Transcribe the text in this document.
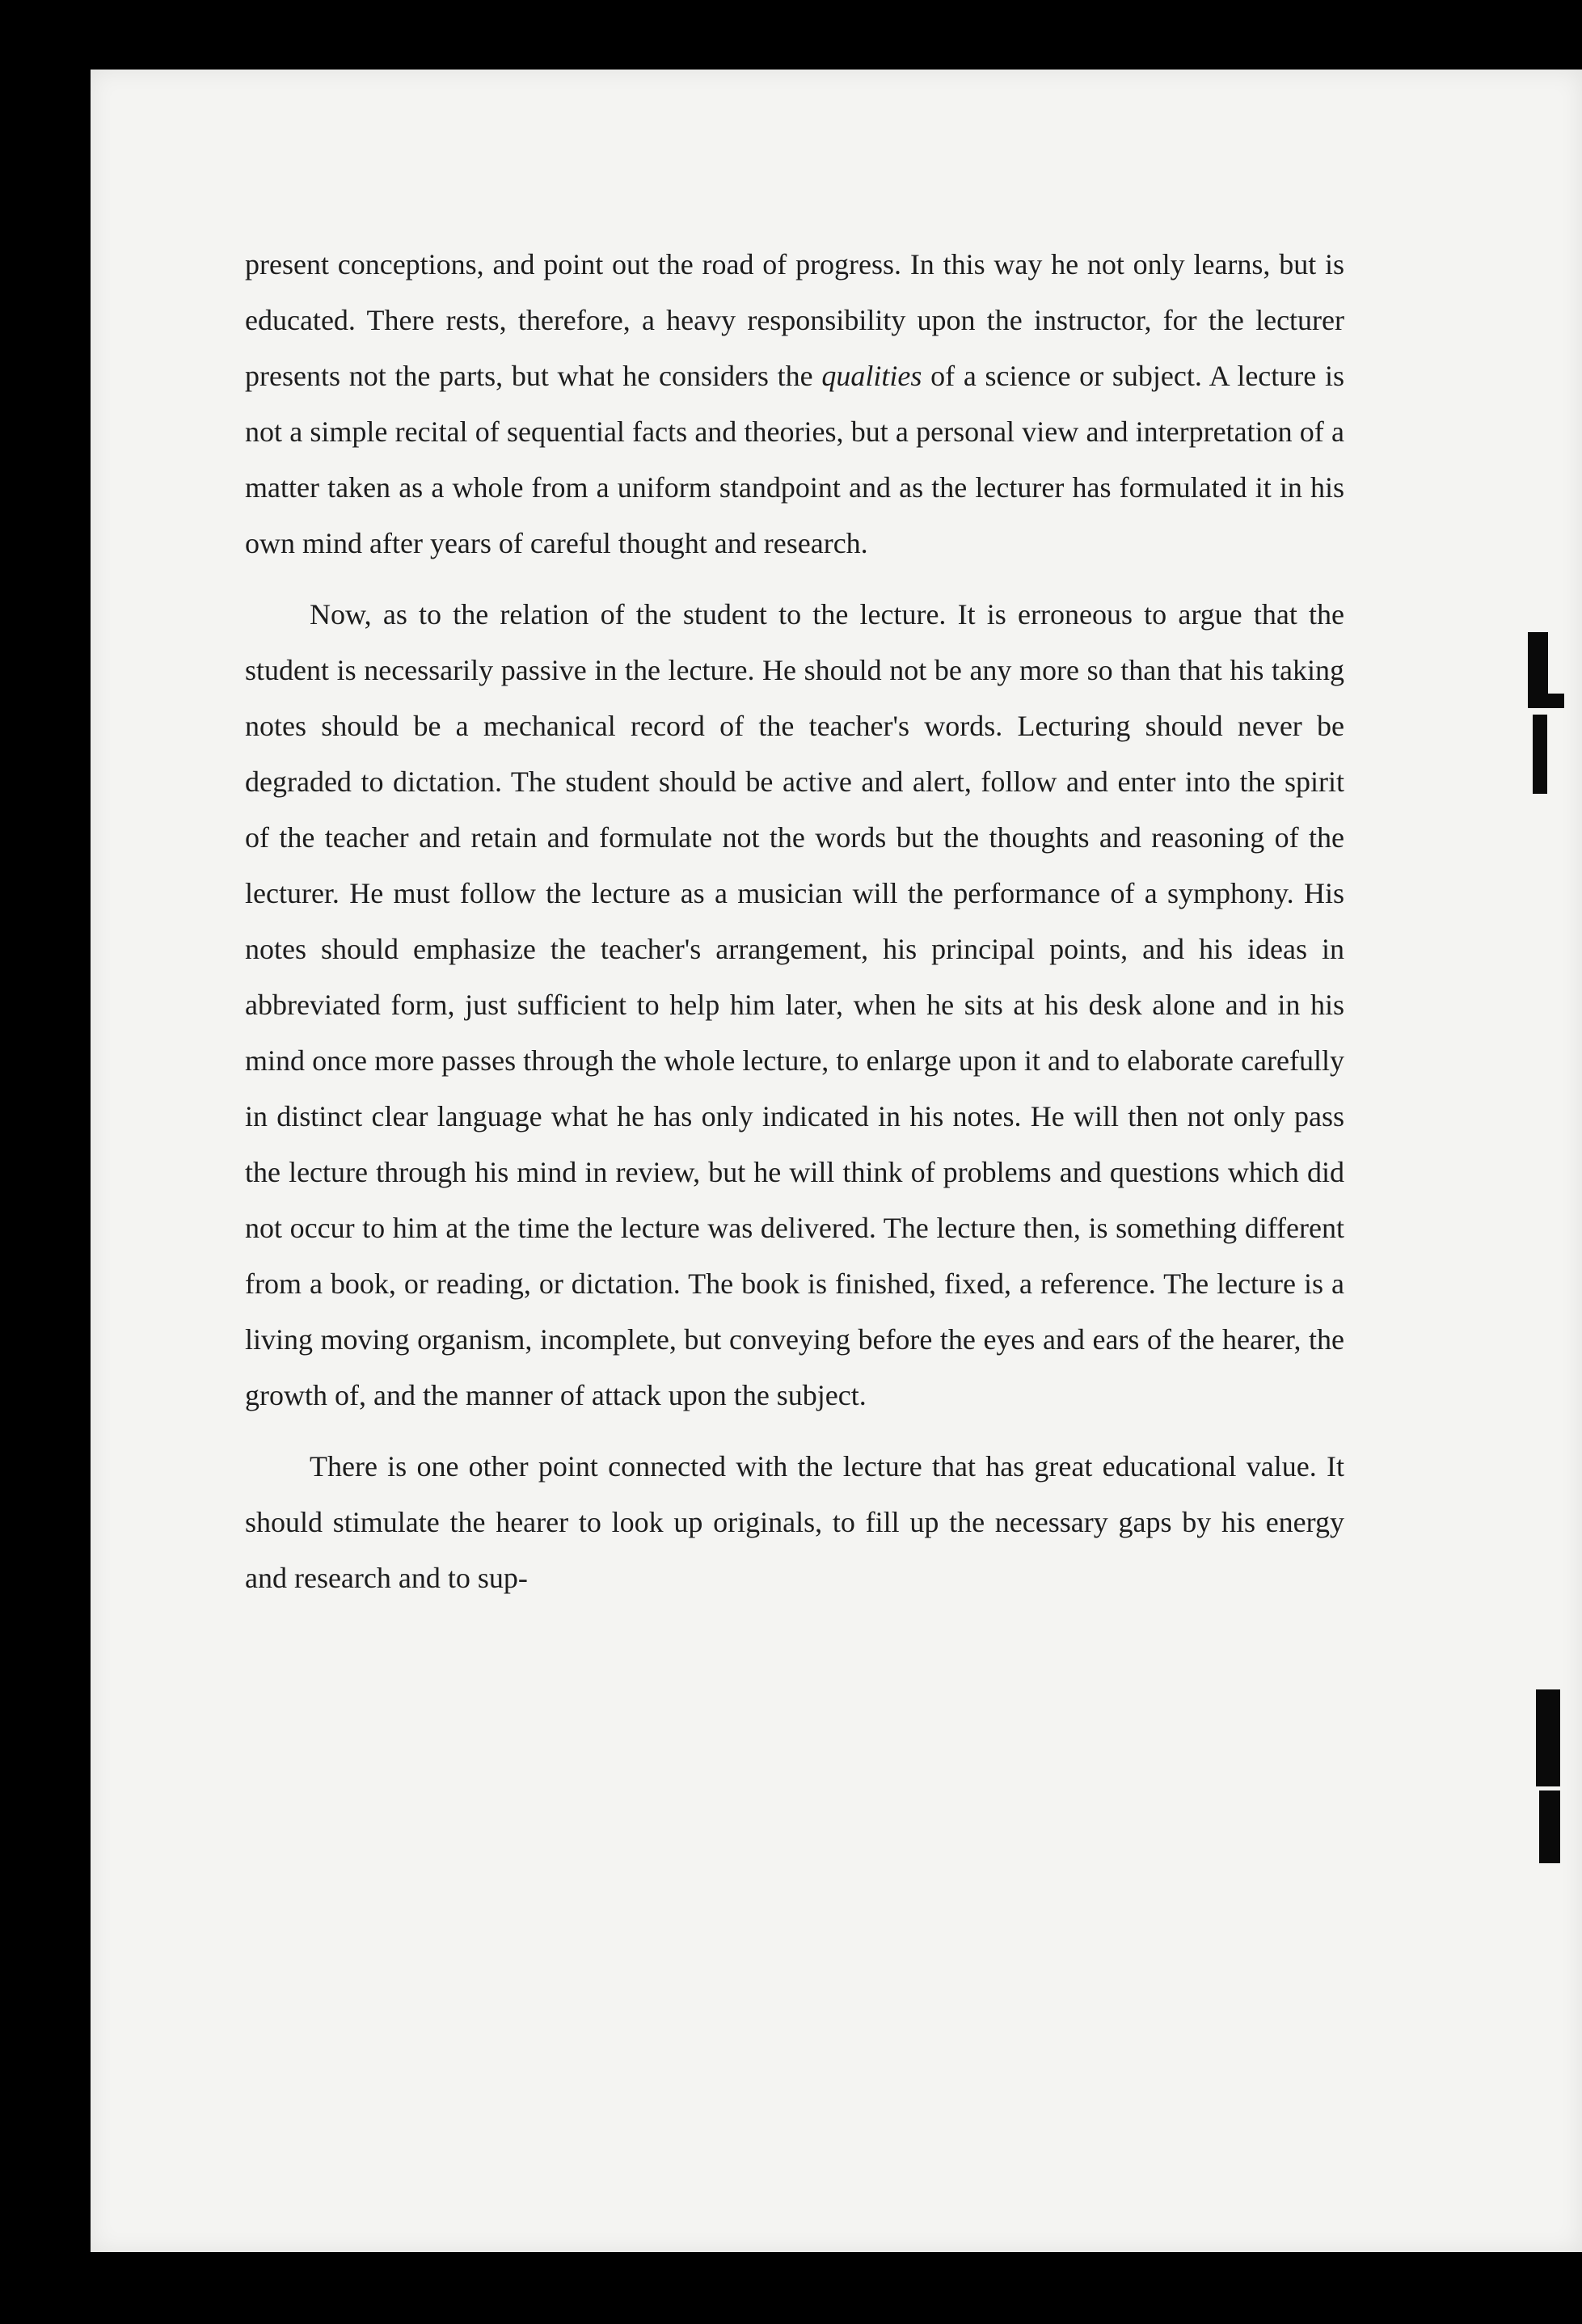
present conceptions, and point out the road of progress. In this way he not only learns, but is educated. There rests, therefore, a heavy responsibility upon the instructor, for the lecturer presents not the parts, but what he considers the qualities of a science or subject. A lecture is not a simple recital of sequential facts and theories, but a personal view and interpretation of a matter taken as a whole from a uniform standpoint and as the lecturer has formulated it in his own mind after years of careful thought and research.

Now, as to the relation of the student to the lecture. It is erroneous to argue that the student is necessarily passive in the lecture. He should not be any more so than that his taking notes should be a mechanical record of the teacher's words. Lecturing should never be degraded to dictation. The student should be active and alert, follow and enter into the spirit of the teacher and retain and formulate not the words but the thoughts and reasoning of the lecturer. He must follow the lecture as a musician will the performance of a symphony. His notes should emphasize the teacher's arrangement, his principal points, and his ideas in abbreviated form, just sufficient to help him later, when he sits at his desk alone and in his mind once more passes through the whole lecture, to enlarge upon it and to elaborate carefully in distinct clear language what he has only indicated in his notes. He will then not only pass the lecture through his mind in review, but he will think of problems and questions which did not occur to him at the time the lecture was delivered. The lecture then, is something different from a book, or reading, or dictation. The book is finished, fixed, a reference. The lecture is a living moving organism, incomplete, but conveying before the eyes and ears of the hearer, the growth of, and the manner of attack upon the subject.

There is one other point connected with the lecture that has great educational value. It should stimulate the hearer to look up originals, to fill up the necessary gaps by his energy and research and to sup-
